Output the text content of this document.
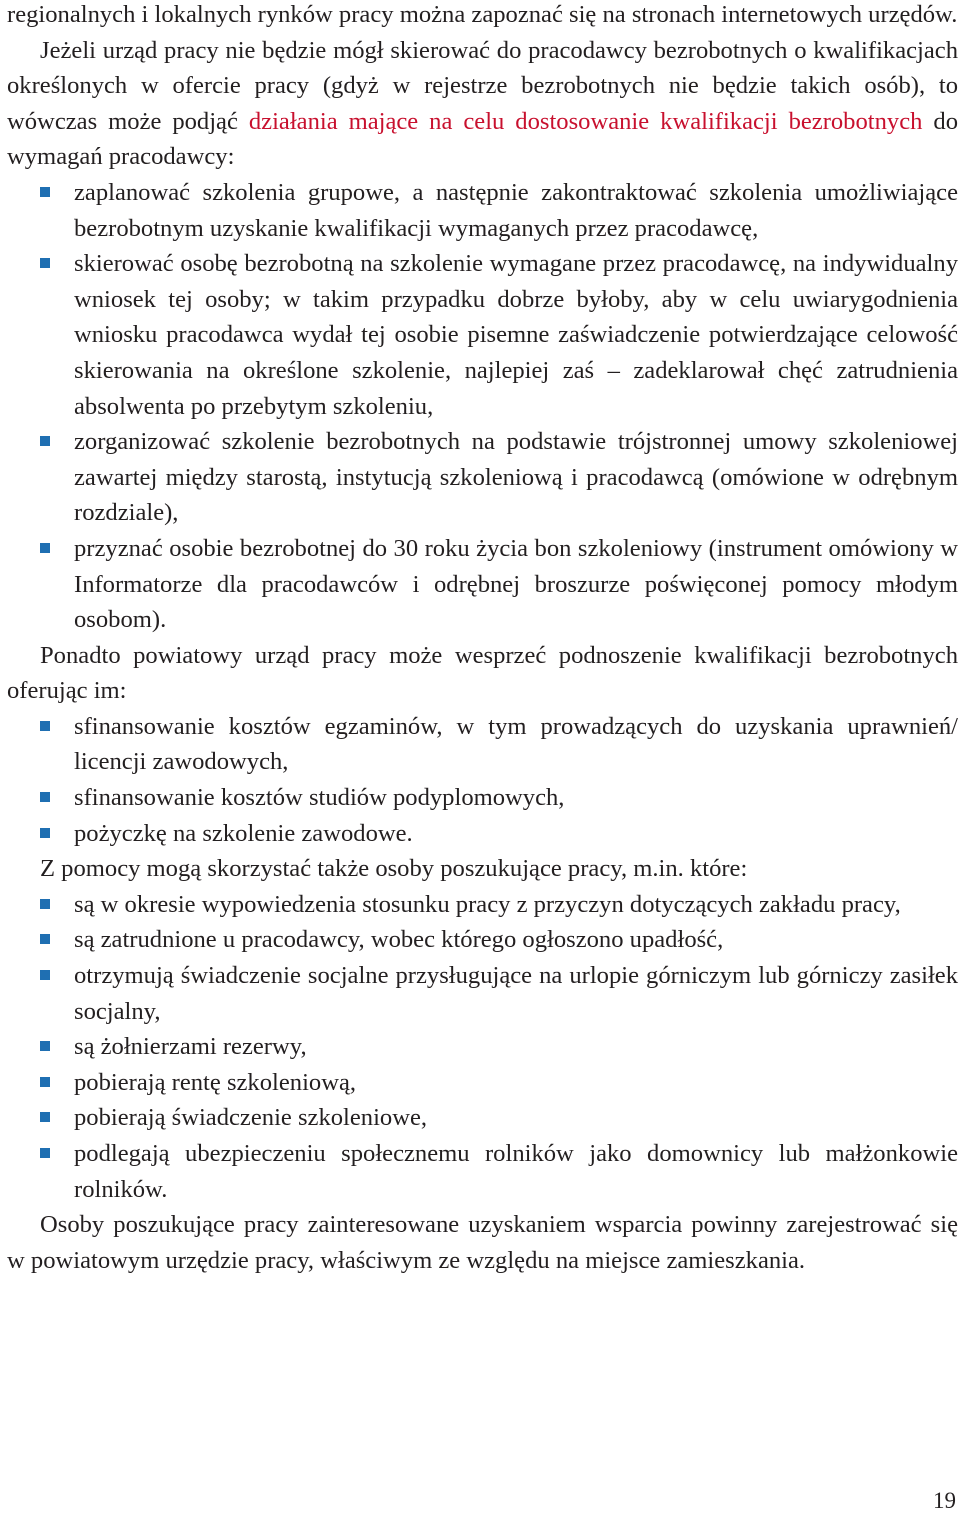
regionalnych i lokalnych rynków pracy można zapoznać się na stronach internetowych urzędów.

Jeżeli urząd pracy nie będzie mógł skierować do pracodawcy bezrobotnych o kwalifikacjach określonych w ofercie pracy (gdyż w rejestrze bezrobotnych nie będzie takich osób), to wówczas może podjąć działania mające na celu dostosowanie kwalifikacji bezrobotnych do wymagań pracodawcy:

zaplanować szkolenia grupowe, a następnie zakontraktować szkolenia umożliwiające bezrobotnym uzyskanie kwalifikacji wymaganych przez pracodawcę,
skierować osobę bezrobotną na szkolenie wymagane przez pracodawcę, na indywidualny wniosek tej osoby; w takim przypadku dobrze byłoby, aby w celu uwiarygodnienia wniosku pracodawca wydał tej osobie pisemne zaświadczenie potwierdzające celowość skierowania na określone szkolenie, najlepiej zaś – zadeklarował chęć zatrudnienia absolwenta po przebytym szkoleniu,
zorganizować szkolenie bezrobotnych na podstawie trójstronnej umowy szkoleniowej zawartej między starostą, instytucją szkoleniową i pracodawcą (omówione w odrębnym rozdziale),
przyznać osobie bezrobotnej do 30 roku życia bon szkoleniowy (instrument omówiony w Informatorze dla pracodawców i odrębnej broszurze poświęconej pomocy młodym osobom).

Ponadto powiatowy urząd pracy może wesprzeć podnoszenie kwalifikacji bezrobotnych oferując im:

sfinansowanie kosztów egzaminów, w tym prowadzących do uzyskania uprawnień/ licencji zawodowych,
sfinansowanie kosztów studiów podyplomowych,
pożyczkę na szkolenie zawodowe.

Z pomocy mogą skorzystać także osoby poszukujące pracy, m.in. które:

są w okresie wypowiedzenia stosunku pracy z przyczyn dotyczących zakładu pracy,
są zatrudnione u pracodawcy, wobec którego ogłoszono upadłość,
otrzymują świadczenie socjalne przysługujące na urlopie górniczym lub górniczy zasiłek socjalny,
są żołnierzami rezerwy,
pobierają rentę szkoleniową,
pobierają świadczenie szkoleniowe,
podlegają ubezpieczeniu społecznemu rolników jako domownicy lub małżonkowie rolników.

Osoby poszukujące pracy zainteresowane uzyskaniem wsparcia powinny zarejestrować się w powiatowym urzędzie pracy, właściwym ze względu na miejsce zamieszkania.

19
